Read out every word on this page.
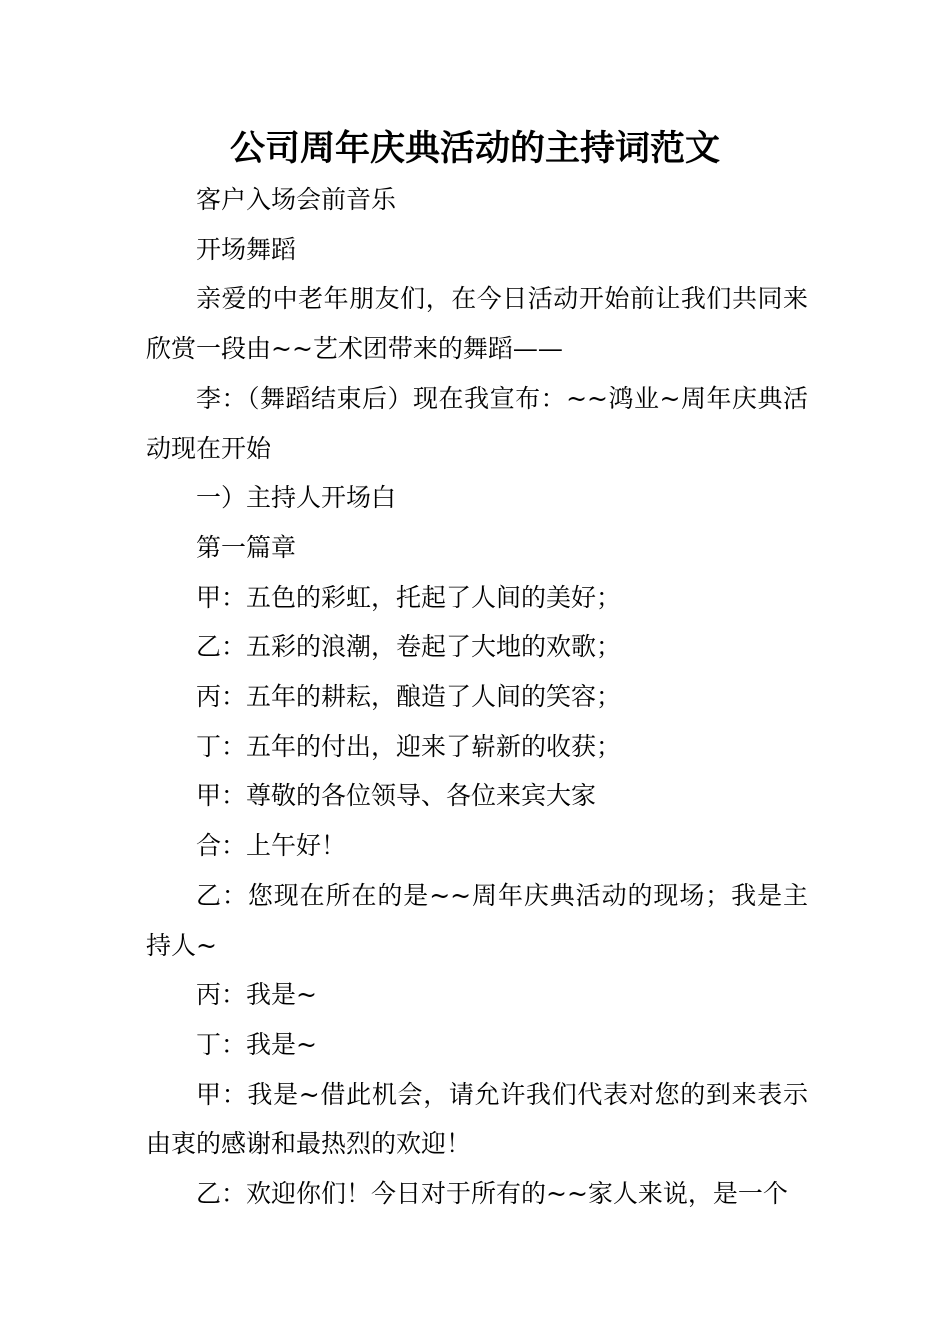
公司周年庆典活动的主持词范文

客户入场会前音乐

开场舞蹈

亲爱的中老年朋友们，在今日活动开始前让我们共同来欣赏一段由~~艺术团带来的舞蹈——

李：（舞蹈结束后）现在我宣布：~~鸿业~周年庆典活动现在开始

一）主持人开场白

第一篇章

甲：五色的彩虹，托起了人间的美好；

乙：五彩的浪潮，卷起了大地的欢歌；

丙：五年的耕耘，酿造了人间的笑容；

丁：五年的付出，迎来了崭新的收获；

甲：尊敬的各位领导、各位来宾大家

合：上午好！

乙：您现在所在的是~~周年庆典活动的现场；我是主持人~

丙：我是~

丁：我是~

甲：我是~借此机会，请允许我们代表对您的到来表示由衷的感谢和最热烈的欢迎！

乙：欢迎你们！今日对于所有的~~家人来说，是一个
